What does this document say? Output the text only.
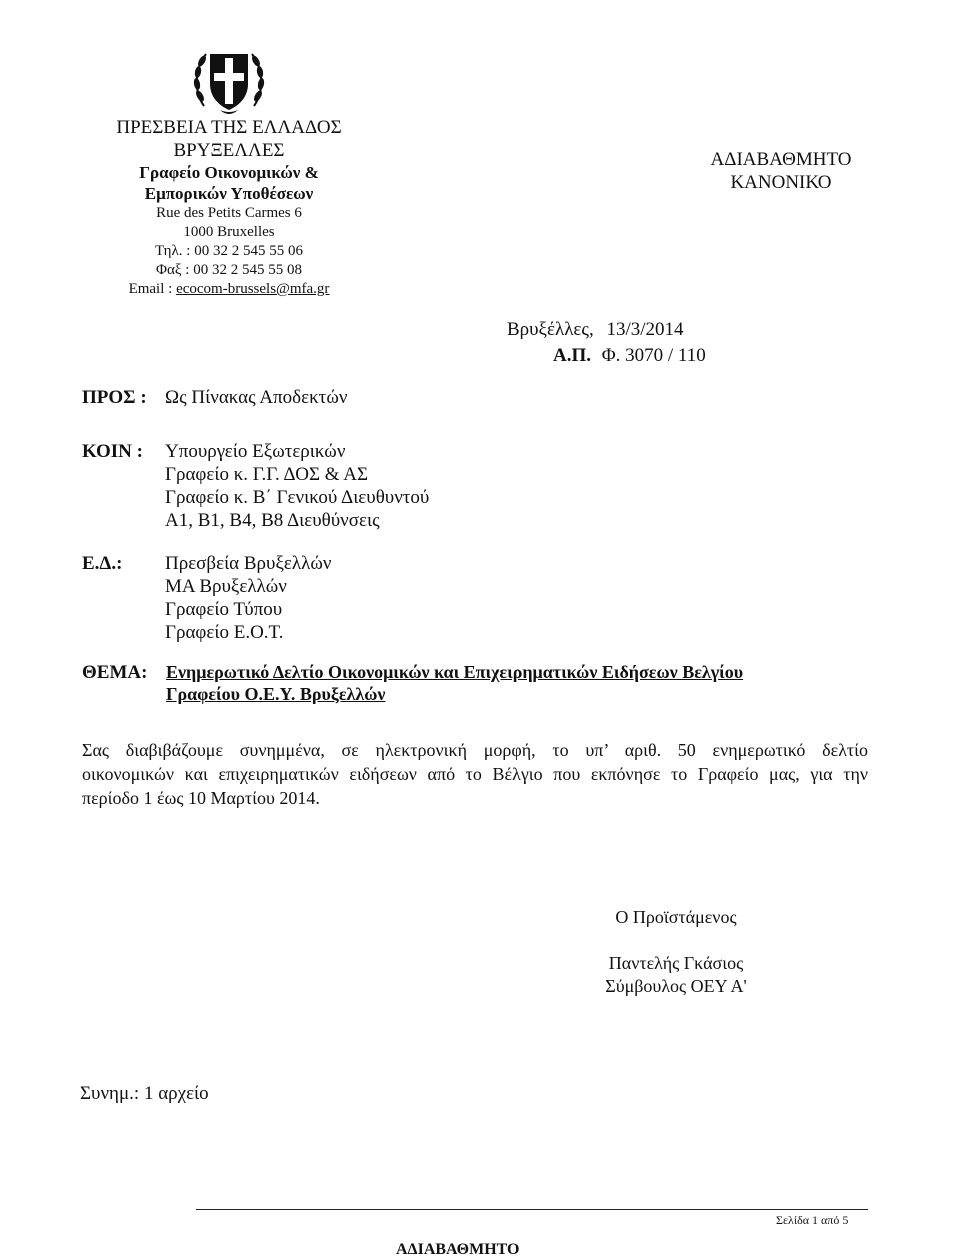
ΠΡΕΣΒΕΙΑ ΤΗΣ ΕΛΛΑΔΟΣ
ΒΡΥΞΕΛΛΕΣ
Γραφείο Οικονομικών &
Εμπορικών Υποθέσεων
Rue des Petits Carmes 6
1000 Bruxelles
Τηλ. : 00 32 2 545 55 06
Φαξ : 00 32 2 545 55 08
Email : ecocom-brussels@mfa.gr
ΑΔΙΑΒΑΘΜΗΤΟ
ΚΑΝΟΝΙΚΟ
Βρυξέλλες, 13/3/2014
Α.Π. Φ. 3070 / 110
ΠΡΟΣ : Ως Πίνακας Αποδεκτών
ΚΟΙΝ : Υπουργείο Εξωτερικών
Γραφείο κ. Γ.Γ. ΔΟΣ & ΑΣ
Γραφείο κ. Β΄ Γενικού Διευθυντού
Α1, Β1, Β4, Β8 Διευθύνσεις
Ε.Δ.: Πρεσβεία Βρυξελλών
ΜΑ Βρυξελλών
Γραφείο Τύπου
Γραφείο Ε.Ο.Τ.
ΘΕΜΑ: Ενημερωτικό Δελτίο Οικονομικών και Επιχειρηματικών Ειδήσεων Βελγίου
Γραφείου Ο.Ε.Υ. Βρυξελλών
Σας διαβιβάζουμε συνημμένα, σε ηλεκτρονική μορφή, το υπ’ αριθ. 50 ενημερωτικό δελτίο
οικονομικών και επιχειρηματικών ειδήσεων από το Βέλγιο που εκπόνησε το Γραφείο μας, για την
περίοδο 1 έως 10 Μαρτίου 2014.
Ο Προϊστάμενος
Παντελής Γκάσιος
Σύμβουλος ΟΕΥ Α'
Συνημ.: 1 αρχείο
Σελίδα 1 από 5
ΑΔΙΑΒΑΘΜΗΤΟ
